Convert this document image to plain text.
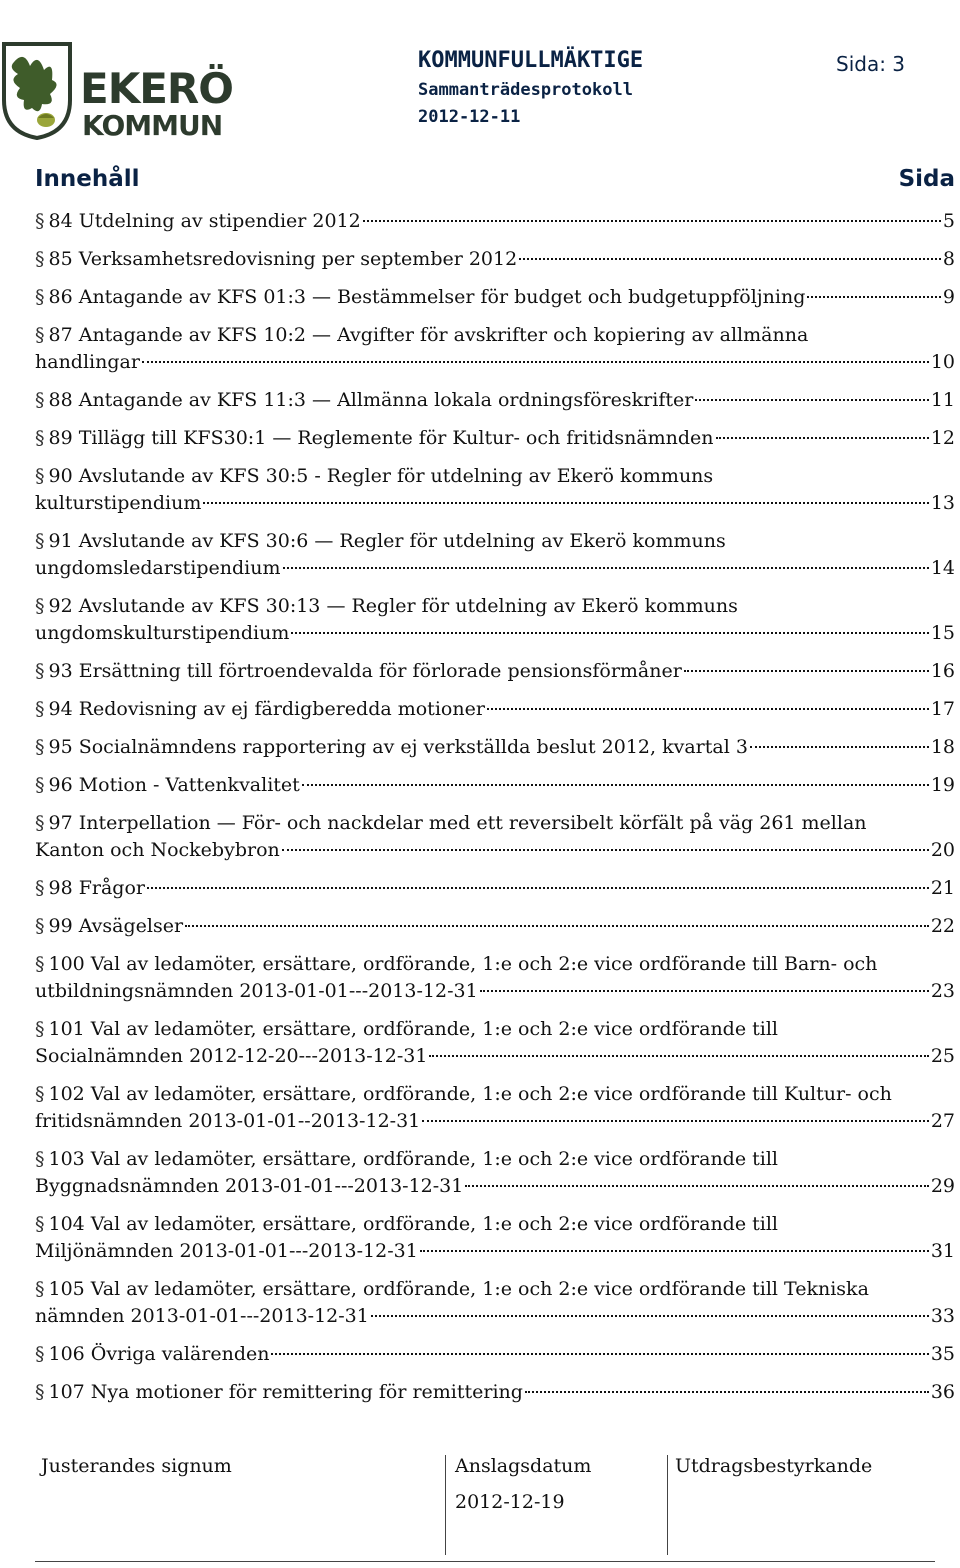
EKERÖ
KOMMUN
KOMMUNFULLMÄKTIGE
Sammanträdesprotokoll
2012-12-11
Sida: 3
Innehåll	Sida
§ 84 Utdelning av stipendier 2012	5
§ 85 Verksamhetsredovisning per september 2012	8
§ 86 Antagande av KFS 01:3 — Bestämmelser för budget och budgetuppföljning	9
§ 87 Antagande av KFS 10:2 — Avgifter för avskrifter och kopiering av allmänna
handlingar	10
§ 88 Antagande av KFS 11:3 — Allmänna lokala ordningsföreskrifter	11
§ 89 Tillägg till KFS30:1 — Reglemente för Kultur- och fritidsnämnden	12
§ 90 Avslutande av KFS 30:5 - Regler för utdelning av Ekerö kommuns
kulturstipendium	13
§ 91 Avslutande av KFS 30:6 — Regler för utdelning av Ekerö kommuns
ungdomsledarstipendium	14
§ 92 Avslutande av KFS 30:13 — Regler för utdelning av Ekerö kommuns
ungdomskulturstipendium	15
§ 93 Ersättning till förtroendevalda för förlorade pensionsförmåner	16
§ 94 Redovisning av ej färdigberedda motioner	17
§ 95 Socialnämndens rapportering av ej verkställda beslut 2012, kvartal 3	18
§ 96 Motion - Vattenkvalitet	19
§ 97 Interpellation — För- och nackdelar med ett reversibelt körfält på väg 261 mellan
Kanton och Nockebybron	20
§ 98 Frågor	21
§ 99 Avsägelser	22
§ 100 Val av ledamöter, ersättare, ordförande, 1:e och 2:e vice ordförande till Barn- och
utbildningsnämnden 2013-01-01---2013-12-31	23
§ 101 Val av ledamöter, ersättare, ordförande, 1:e och 2:e vice ordförande till
Socialnämnden 2012-12-20---2013-12-31	25
§ 102 Val av ledamöter, ersättare, ordförande, 1:e och 2:e vice ordförande till Kultur- och
fritidsnämnden 2013-01-01--2013-12-31	27
§ 103 Val av ledamöter, ersättare, ordförande, 1:e och 2:e vice ordförande till
Byggnadsnämnden 2013-01-01---2013-12-31	29
§ 104 Val av ledamöter, ersättare, ordförande, 1:e och 2:e vice ordförande till
Miljönämnden 2013-01-01---2013-12-31	31
§ 105 Val av ledamöter, ersättare, ordförande, 1:e och 2:e vice ordförande till Tekniska
nämnden 2013-01-01---2013-12-31	33
§ 106 Övriga valärenden	35
§ 107 Nya motioner för remittering för remittering	36
Justerandes signum	Anslagsdatum
2012-12-19
Utdragsbestyrkande
